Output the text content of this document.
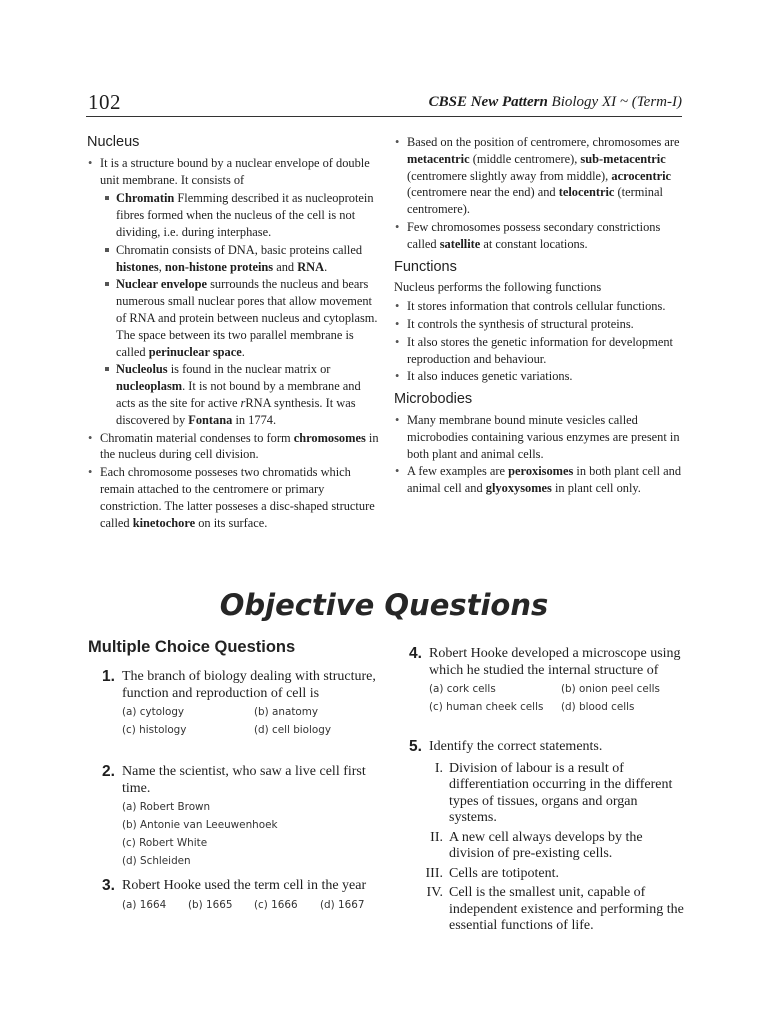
102	CBSE New Pattern Biology XI ~ (Term-I)
Nucleus
• It is a structure bound by a nuclear envelope of double unit membrane. It consists of
Chromatin Flemming described it as nucleoprotein fibres formed when the nucleus of the cell is not dividing, i.e. during interphase.
Chromatin consists of DNA, basic proteins called histones, non-histone proteins and RNA.
Nuclear envelope surrounds the nucleus and bears numerous small nuclear pores that allow movement of RNA and protein between nucleus and cytoplasm. The space between its two parallel membrane is called perinuclear space.
Nucleolus is found in the nuclear matrix or nucleoplasm. It is not bound by a membrane and acts as the site for active rRNA synthesis. It was discovered by Fontana in 1774.
• Chromatin material condenses to form chromosomes in the nucleus during cell division.
• Each chromosome posseses two chromatids which remain attached to the centromere or primary constriction. The latter posseses a disc-shaped structure called kinetochore on its surface.
• Based on the position of centromere, chromosomes are metacentric (middle centromere), sub-metacentric (centromere slightly away from middle), acrocentric (centromere near the end) and telocentric (terminal centromere).
• Few chromosomes possess secondary constrictions called satellite at constant locations.
Functions
Nucleus performs the following functions
• It stores information that controls cellular functions.
• It controls the synthesis of structural proteins.
• It also stores the genetic information for development reproduction and behaviour.
• It also induces genetic variations.
Microbodies
• Many membrane bound minute vesicles called microbodies containing various enzymes are present in both plant and animal cells.
• A few examples are peroxisomes in both plant cell and animal cell and glyoxysomes in plant cell only.
Objective Questions
Multiple Choice Questions
1. The branch of biology dealing with structure, function and reproduction of cell is
(a) cytology	(b) anatomy
(c) histology	(d) cell biology
2. Name the scientist, who saw a live cell first time.
(a) Robert Brown
(b) Antonie van Leeuwenhoek
(c) Robert White
(d) Schleiden
3. Robert Hooke used the term cell in the year
(a) 1664	(b) 1665	(c) 1666	(d) 1667
4. Robert Hooke developed a microscope using which he studied the internal structure of
(a) cork cells	(b) onion peel cells
(c) human cheek cells	(d) blood cells
5. Identify the correct statements.
I. Division of labour is a result of differentiation occurring in the different types of tissues, organs and organ systems.
II. A new cell always develops by the division of pre-existing cells.
III. Cells are totipotent.
IV. Cell is the smallest unit, capable of independent existence and performing the essential functions of life.
